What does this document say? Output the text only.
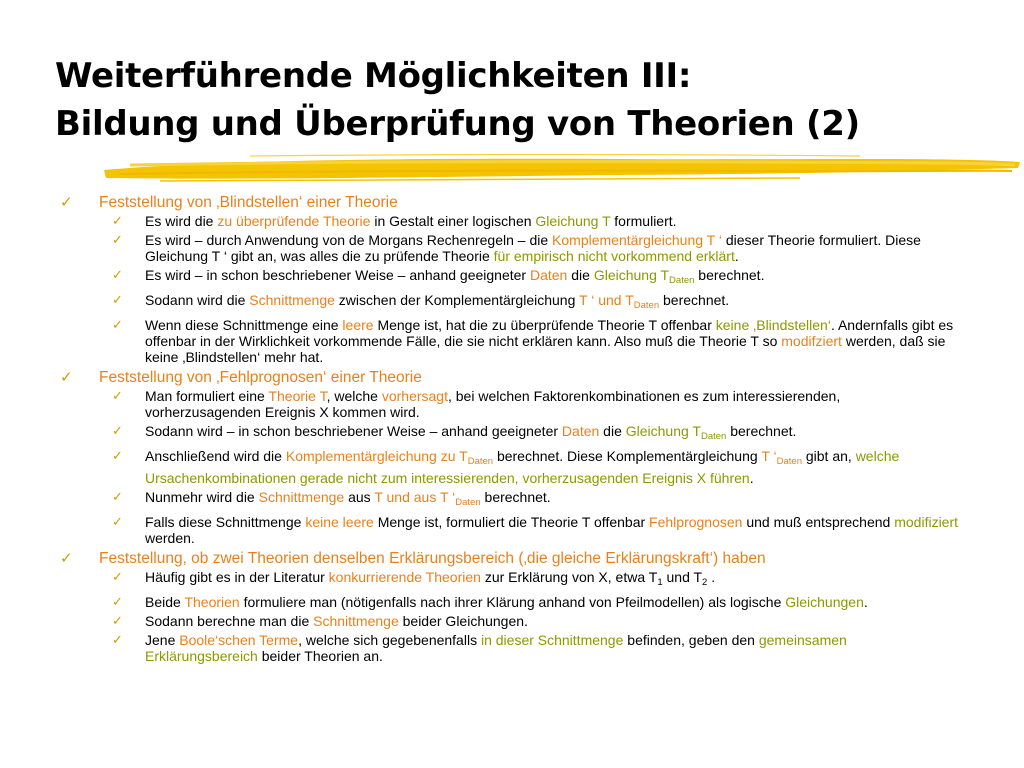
Weiterführende Möglichkeiten III:
Bildung und Überprüfung von Theorien (2)
✓ Feststellung von ‚Blindstellen‘ einer Theorie
✓ Es wird die zu überprüfende Theorie in Gestalt einer logischen Gleichung T formuliert.
✓ Es wird – durch Anwendung von de Morgans Rechenregeln – die Komplementärgleichung T ‘ dieser Theorie formuliert. Diese Gleichung T ‘ gibt an, was alles die zu prüfende Theorie für empirisch nicht vorkommend erklärt.
✓ Es wird – in schon beschriebener Weise – anhand geeigneter Daten die Gleichung $T_{Daten}$ berechnet.
✓ Sodann wird die Schnittmenge zwischen der Komplementärgleichung T ‘ und $T_{Daten}$ berechnet.
✓ Wenn diese Schnittmenge eine leere Menge ist, hat die zu überprüfende Theorie T offenbar keine ‚Blindstellen‘. Andernfalls gibt es offenbar in der Wirklichkeit vorkommende Fälle, die sie nicht erklären kann. Also muß die Theorie T so modifziert werden, daß sie keine ‚Blindstellen‘ mehr hat.
✓ Feststellung von ‚Fehlprognosen‘ einer Theorie
✓ Man formuliert eine Theorie T, welche vorhersagt, bei welchen Faktorenkombinationen es zum interessierenden, vorherzusagenden Ereignis X kommen wird.
✓ Sodann wird – in schon beschriebener Weise – anhand geeigneter Daten die Gleichung $T_{Daten}$ berechnet.
✓ Anschließend wird die Komplementärgleichung zu $T_{Daten}$ berechnet. Diese Komplementärgleichung T ‘$_{Daten}$ gibt an, welche Ursachenkombinationen gerade nicht zum interessierenden, vorherzusagenden Ereignis X führen.
✓ Nunmehr wird die Schnittmenge aus T und aus T ‘$_{Daten}$ berechnet.
✓ Falls diese Schnittmenge keine leere Menge ist, formuliert die Theorie T offenbar Fehlprognosen und muß entsprechend modifiziert werden.
✓ Feststellung, ob zwei Theorien denselben Erklärungsbereich (‚die gleiche Erklärungskraft‘) haben
✓ Häufig gibt es in der Literatur konkurrierende Theorien zur Erklärung von X, etwa $T_1$ und $T_2$ .
✓ Beide Theorien formuliere man (nötigenfalls nach ihrer Klärung anhand von Pfeilmodellen) als logische Gleichungen.
✓ Sodann berechne man die Schnittmenge beider Gleichungen.
✓ Jene Boole‘schen Terme, welche sich gegebenenfalls in dieser Schnittmenge befinden, geben den gemeinsamen Erklärungsbereich beider Theorien an.
